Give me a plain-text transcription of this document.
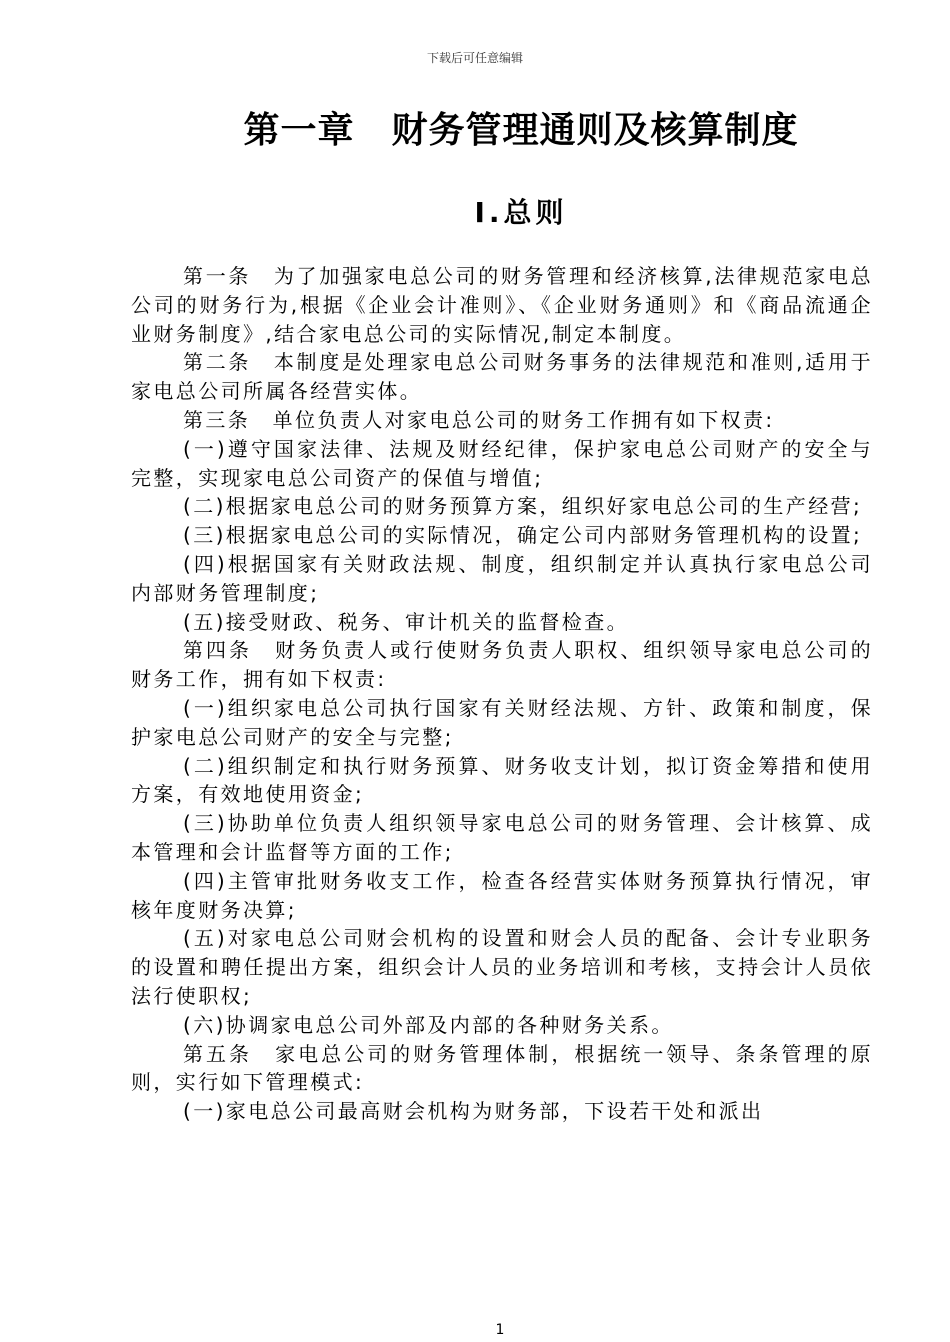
下载后可任意编辑
第一章　财务管理通则及核算制度
Ⅰ.总则

第一条　为了加强家电总公司的财务管理和经济核算,法律规范家电总公司的财务行为,根据《企业会计准则》、《企业财务通则》和《商品流通企业财务制度》,结合家电总公司的实际情况,制定本制度。

第二条　本制度是处理家电总公司财务事务的法律规范和准则,适用于家电总公司所属各经营实体。

第三条　单位负责人对家电总公司的财务工作拥有如下权责:

(一)遵守国家法律、法规及财经纪律，保护家电总公司财产的安全与完整，实现家电总公司资产的保值与增值;

(二)根据家电总公司的财务预算方案，组织好家电总公司的生产经营;

(三)根据家电总公司的实际情况，确定公司内部财务管理机构的设置;

(四)根据国家有关财政法规、制度，组织制定并认真执行家电总公司内部财务管理制度;

(五)接受财政、税务、审计机关的监督检查。

第四条　财务负责人或行使财务负责人职权、组织领导家电总公司的财务工作，拥有如下权责:

(一)组织家电总公司执行国家有关财经法规、方针、政策和制度，保护家电总公司财产的安全与完整;

(二)组织制定和执行财务预算、财务收支计划，拟订资金筹措和使用方案，有效地使用资金;

(三)协助单位负责人组织领导家电总公司的财务管理、会计核算、成本管理和会计监督等方面的工作;

(四)主管审批财务收支工作，检查各经营实体财务预算执行情况，审核年度财务决算;

(五)对家电总公司财会机构的设置和财会人员的配备、会计专业职务的设置和聘任提出方案，组织会计人员的业务培训和考核，支持会计人员依法行使职权;

(六)协调家电总公司外部及内部的各种财务关系。

第五条　家电总公司的财务管理体制，根据统一领导、条条管理的原则，实行如下管理模式:

(一)家电总公司最高财会机构为财务部，下设若干处和派出

1
